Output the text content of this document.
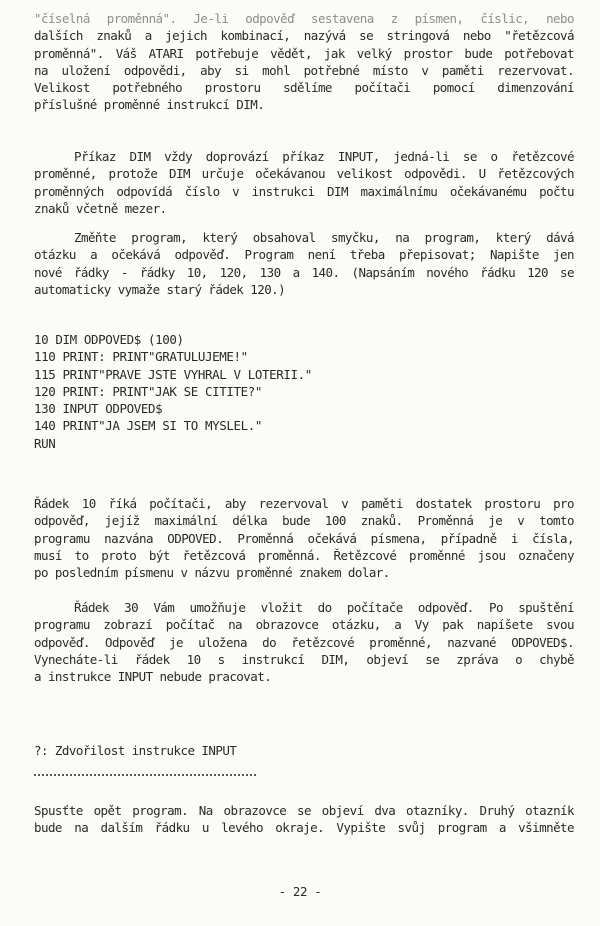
"číselná proměnná". Je-li odpověď sestavena z písmen, číslic, nebo
dalších znaků a jejich kombinací, nazývá se stringová nebo "řetězcová
proměnná". Váš ATARI potřebuje vědět, jak velký prostor bude potřebovat
na uložení odpovědi, aby si mohl potřebné místo v paměti rezervovat.
Velikost potřebného prostoru sdělíme počítači pomocí dimenzování
příslušné proměnné instrukcí DIM.
Příkaz DIM vždy doprovází příkaz INPUT, jedná-li se o řetězcové
proměnné, protože DIM určuje očekávanou velikost odpovědi. U řetězcových
proměnných odpovídá číslo v instrukci DIM maximálnímu očekávanému počtu
znaků včetně mezer.
Změňte program, který obsahoval smyčku, na program, který dává
otázku a očekává odpověď. Program není třeba přepisovat; Napište jen
nové řádky - řádky 10, 120, 130 a 140. (Napsáním nového řádku 120 se
automaticky vymaže starý řádek 120.)
10 DIM ODPOVED$ (100)
110 PRINT: PRINT"GRATULUJEME!"
115 PRINT"PRAVE JSTE VYHRAL V LOTERII."
120 PRINT: PRINT"JAK SE CITITE?"
130 INPUT ODPOVED$
140 PRINT"JA JSEM SI TO MYSLEL."
RUN
Řádek 10 říká počítači, aby rezervoval v paměti dostatek prostoru pro
odpověď, jejíž maximální délka bude 100 znaků. Proměnná je v tomto
programu nazvána ODPOVED. Proměnná očekává písmena, případně i čísla,
musí to proto být řetězcová proměnná. Řetězcové proměnné jsou označeny
po posledním písmenu v názvu proměnné znakem dolar.
Řádek 30 Vám umožňuje vložit do počítače odpověď. Po spuštění
programu zobrazí počítač na obrazovce otázku, a Vy pak napíšete svou
odpověď. Odpověď je uložena do řetězcové proměnné, nazvané ODPOVED$.
Vynecháte-li řádek 10 s instrukcí DIM, objeví se zpráva o chybě
a instrukce INPUT nebude pracovat.
?: Zdvořilost instrukce INPUT
Spusťte opět program. Na obrazovce se objeví dva otazníky. Druhý otazník
bude na dalším řádku u levého okraje. Vypište svůj program a všimněte
- 22 -
